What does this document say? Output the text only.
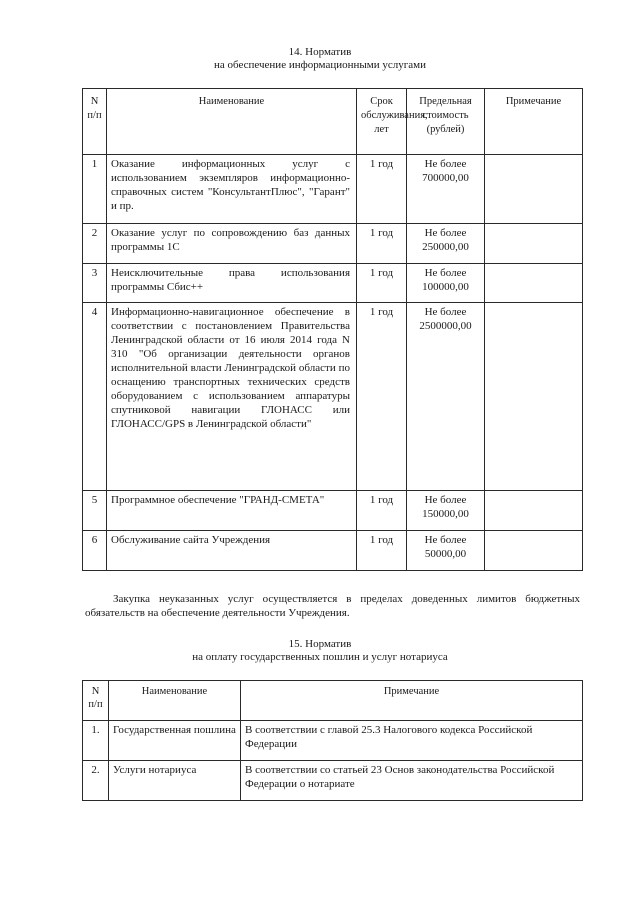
14. Норматив
на обеспечение информационными услугами
N п/п	Наименование	Срок обслуживания, лет	Предельная стоимость (рублей)	Примечание
1	Оказание информационных услуг с использованием экземпляров информационно-справочных систем "КонсультантПлюс", "Гарант" и пр.	1 год	Не более 700000,00	
2	Оказание услуг по сопровождению баз данных программы 1С	1 год	Не более 250000,00	
3	Неисключительные права использования программы Сбис++	1 год	Не более 100000,00	
4	Информационно-навигационное обеспечение в соответствии с постановлением Правительства Ленинградской области от 16 июля 2014 года N 310 "Об организации деятельности органов исполнительной власти Ленинградской области по оснащению транспортных технических средств оборудованием с использованием аппаратуры спутниковой навигации ГЛОНАСС или ГЛОНАСС/GPS в Ленинградской области"	1 год	Не более 2500000,00	
5	Программное обеспечение "ГРАНД-СМЕТА"	1 год	Не более 150000,00	
6	Обслуживание сайта Учреждения	1 год	Не более 50000,00	
Закупка неуказанных услуг осуществляется в пределах доведенных лимитов бюджетных обязательств на обеспечение деятельности Учреждения.
15. Норматив
на оплату государственных пошлин и услуг нотариуса
N п/п	Наименование	Примечание
1.	Государственная пошлина	В соответствии с главой 25.3 Налогового кодекса Российской Федерации
2.	Услуги нотариуса	В соответствии со статьей 23 Основ законодательства Российской Федерации о нотариате
